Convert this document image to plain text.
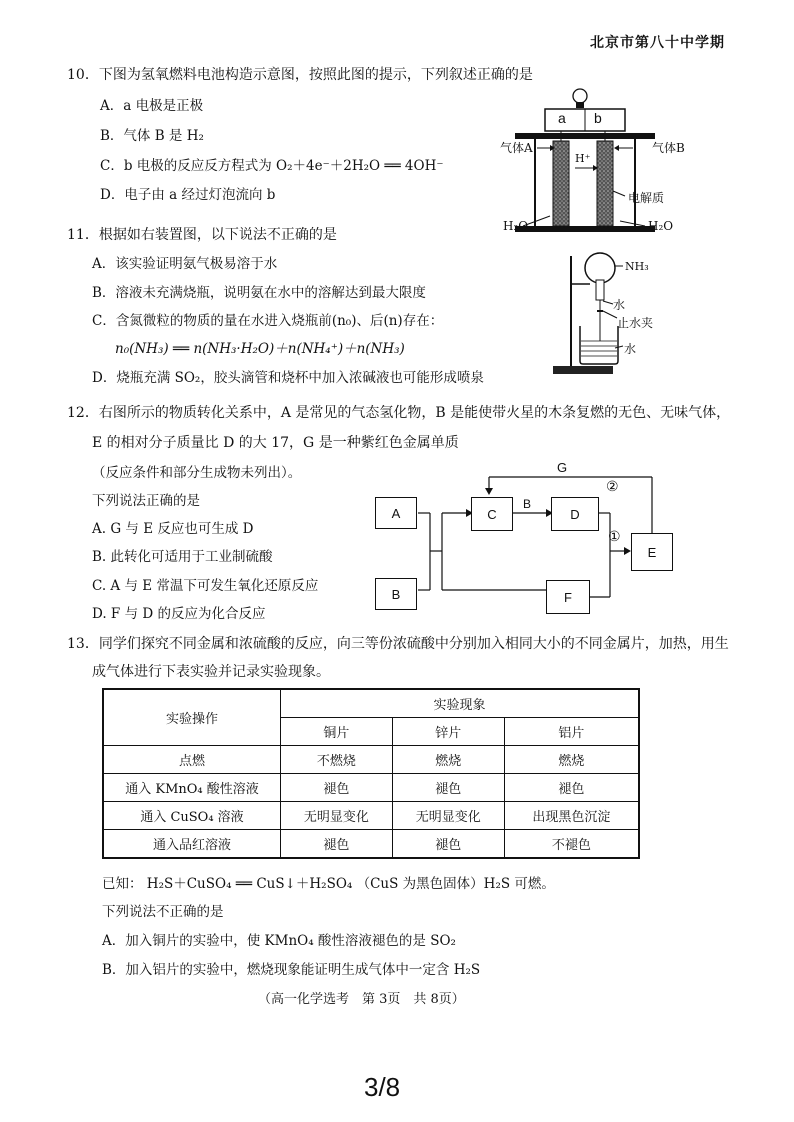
北京市第八十中学期
10．下图为氢氧燃料电池构造示意图，按照此图的提示，下列叙述正确的是
A．a 电极是正极
B．气体 B 是 H₂
C．b 电极的反应反方程式为 O₂＋4e⁻＋2H₂O ══ 4OH⁻
D．电子由 a 经过灯泡流向 b
a b
气体A	气体B
H⁺
电解质
H₂O	H₂O
11．根据如右装置图，以下说法不正确的是
A．该实验证明氨气极易溶于水
B．溶液未充满烧瓶，说明氨在水中的溶解达到最大限度
C．含氮微粒的物质的量在水进入烧瓶前(n₀)、后(n)存在：
n₀(NH₃) ══ n(NH₃·H₂O)＋n(NH₄⁺)＋n(NH₃)
D．烧瓶充满 SO₂，胶头滴管和烧杯中加入浓碱液也可能形成喷泉
NH₃
水
止水夹
水
12．右图所示的物质转化关系中，A 是常见的气态氢化物，B 是能使带火星的木条复燃的无色、无味气体，
E 的相对分子质量比 D 的大 17，G 是一种紫红色金属单质
（反应条件和部分生成物未列出）。
下列说法正确的是
A. G 与 E 反应也可生成 D
B. 此转化可适用于工业制硫酸
C. A 与 E 常温下可发生氧化还原反应
D. F 与 D 的反应为化合反应
A
B
C	D
E
F
G
B
②
①
13．同学们探究不同金属和浓硫酸的反应，向三等份浓硫酸中分别加入相同大小的不同金属片，加热，用生
成气体进行下表实验并记录实验现象。
实验操作	实验现象		
	铜片	锌片	铝片
点燃	不燃烧	燃烧	燃烧
通入 KMnO₄ 酸性溶液	褪色	褪色	褪色
通入 CuSO₄ 溶液	无明显变化	无明显变化	出现黑色沉淀
通入品红溶液	褪色	褪色	不褪色
已知： H₂S＋CuSO₄ ══ CuS↓＋H₂SO₄ （CuS 为黑色固体）H₂S 可燃。
下列说法不正确的是
A．加入铜片的实验中，使 KMnO₄ 酸性溶液褪色的是 SO₂
B．加入铝片的实验中，燃烧现象能证明生成气体中一定含 H₂S
（高一化学选考　第 3页　共 8页）
3/8
